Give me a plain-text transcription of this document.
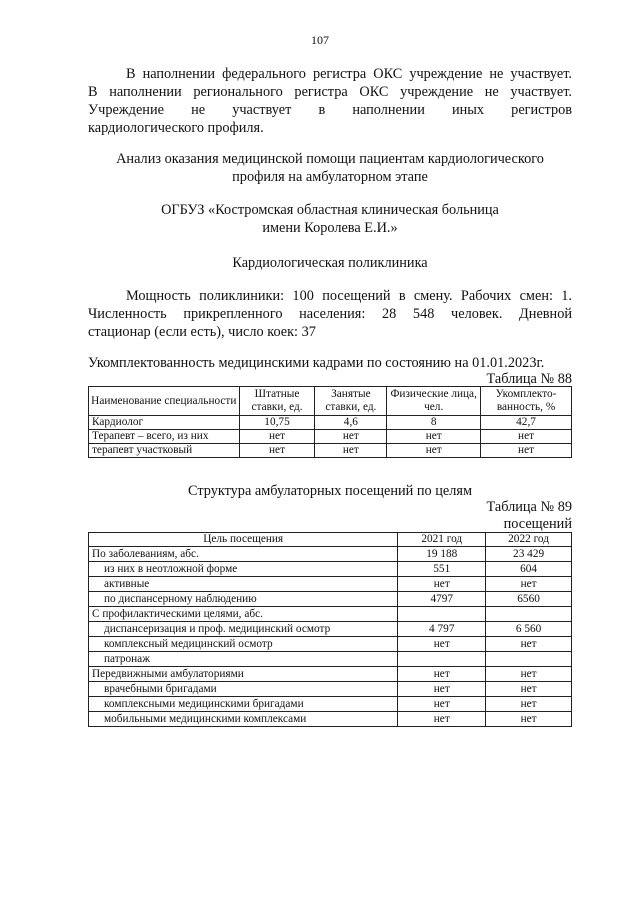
107
В наполнении федерального регистра ОКС учреждение не участвует.
В наполнении регионального регистра ОКС учреждение не участвует.
Учреждение не участвует в наполнении иных регистров
кардиологического профиля.
Анализ оказания медицинской помощи пациентам кардиологического
профиля на амбулаторном этапе
ОГБУЗ «Костромская областная клиническая больница
имени Королева Е.И.»
Кардиологическая поликлиника
Мощность поликлиники: 100 посещений в смену. Рабочих смен: 1.
Численность прикрепленного населения: 28 548 человек. Дневной
стационар (если есть), число коек: 37
Укомплектованность медицинскими кадрами по состоянию на 01.01.2023г.
Таблица № 88
Наименование специальности	Штатные ставки, ед.	Занятые ставки, ед.	Физические лица, чел.	Укомплекто-ванность, %
Кардиолог	10,75	4,6	8	42,7
Терапевт – всего, из них	нет	нет	нет	нет
терапевт участковый	нет	нет	нет	нет
Структура амбулаторных посещений по целям
Таблица № 89
посещений
Цель посещения	2021 год	2022 год
По заболеваниям, абс.	19 188	23 429
из них в неотложной форме	551	604
активные	нет	нет
по диспансерному наблюдению	4797	6560
С профилактическими целями, абс.		
диспансеризация и проф. медицинский осмотр	4 797	6 560
комплексный медицинский осмотр	нет	нет
патронаж		
Передвижными амбулаториями	нет	нет
врачебными бригадами	нет	нет
комплексными медицинскими бригадами	нет	нет
мобильными медицинскими комплексами	нет	нет
